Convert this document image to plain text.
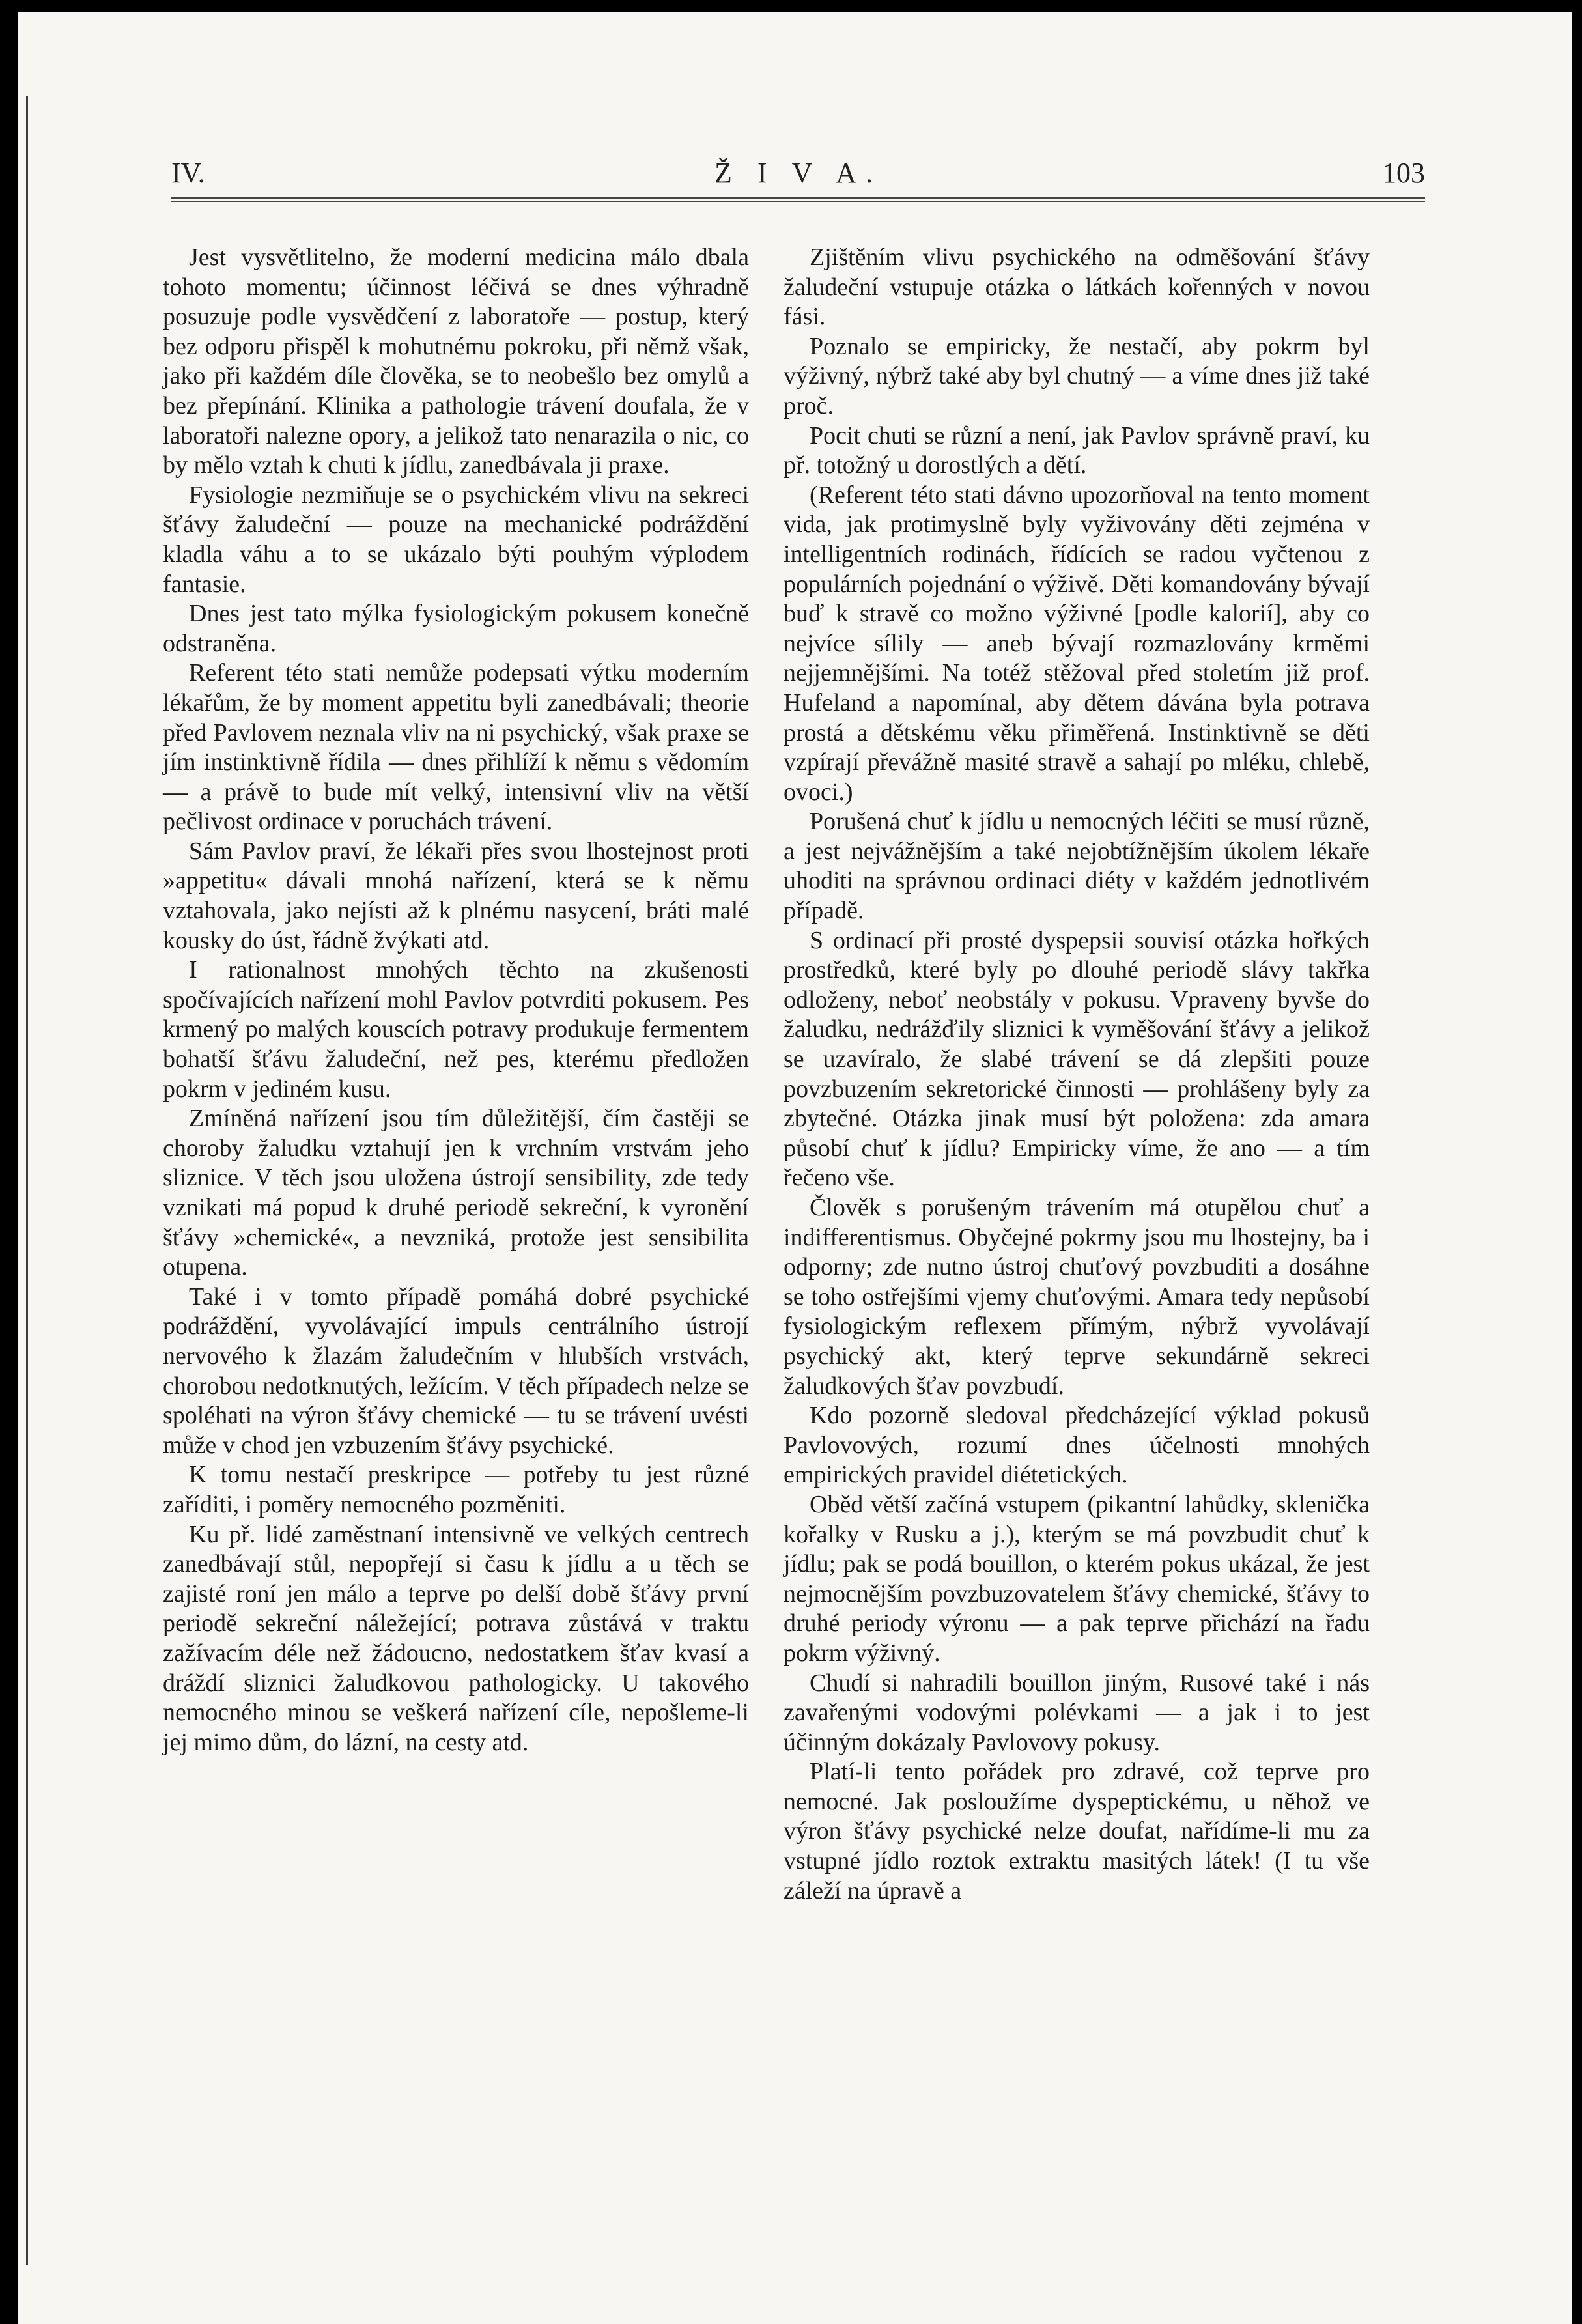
IV.	Ž I V A.	103

Jest vysvětlitelno, že moderní medicina málo dbala tohoto momentu; účinnost léčivá se dnes výhradně posuzuje podle vysvědčení z laboratoře — postup, který bez odporu přispěl k mohutnému pokroku, při němž však, jako při každém díle člověka, se to neobešlo bez omylů a bez přepínání. Klinika a pathologie trávení doufala, že v laboratoři nalezne opory, a jelikož tato nenarazila o nic, co by mělo vztah k chuti k jídlu, zanedbávala ji praxe.

Fysiologie nezmiňuje se o psychickém vlivu na sekreci šťávy žaludeční — pouze na mechanické podráždění kladla váhu a to se ukázalo býti pouhým výplodem fantasie.

Dnes jest tato mýlka fysiologickým pokusem konečně odstraněna.

Referent této stati nemůže podepsati výtku moderním lékařům, že by moment appetitu byli zanedbávali; theorie před Pavlovem neznala vliv na ni psychický, však praxe se jím instinktivně řídila — dnes přihlíží k němu s vědomím — a právě to bude mít velký, intensivní vliv na větší pečlivost ordinace v poruchách trávení.

Sám Pavlov praví, že lékaři přes svou lhostejnost proti »appetitu« dávali mnohá nařízení, která se k němu vztahovala, jako nejísti až k plnému nasycení, bráti malé kousky do úst, řádně žvýkati atd.

I rationalnost mnohých těchto na zkušenosti spočívajících nařízení mohl Pavlov potvrditi pokusem. Pes krmený po malých kouscích potravy produkuje fermentem bohatší šťávu žaludeční, než pes, kterému předložen pokrm v jediném kusu.

Zmíněná nařízení jsou tím důležitější, čím častěji se choroby žaludku vztahují jen k vrchním vrstvám jeho sliznice. V těch jsou uložena ústrojí sensibility, zde tedy vznikati má popud k druhé periodě sekreční, k vyronění šťávy »chemické«, a nevzniká, protože jest sensibilita otupena.

Také i v tomto případě pomáhá dobré psychické podráždění, vyvolávající impuls centrálního ústrojí nervového k žlazám žaludečním v hlubších vrstvách, chorobou nedotknutých, ležícím. V těch případech nelze se spoléhati na výron šťávy chemické — tu se trávení uvésti může v chod jen vzbuzením šťávy psychické.

K tomu nestačí preskripce — potřeby tu jest různé zaříditi, i poměry nemocného pozměniti.

Ku př. lidé zaměstnaní intensivně ve velkých centrech zanedbávají stůl, nepopřejí si času k jídlu a u těch se zajisté roní jen málo a teprve po delší době šťávy první periodě sekreční náležející; potrava zůstává v traktu zažívacím déle než žádoucno, nedostatkem šťav kvasí a dráždí sliznici žaludkovou pathologicky. U takového nemocného minou se veškerá nařízení cíle, nepošleme-li jej mimo dům, do lázní, na cesty atd.

Zjištěním vlivu psychického na odměšování šťávy žaludeční vstupuje otázka o látkách kořenných v novou fási.

Poznalo se empiricky, že nestačí, aby pokrm byl výživný, nýbrž také aby byl chutný — a víme dnes již také proč.

Pocit chuti se různí a není, jak Pavlov správně praví, ku př. totožný u dorostlých a dětí.

(Referent této stati dávno upozorňoval na tento moment vida, jak protimyslně byly vyživovány děti zejména v intelligentních rodinách, řídících se radou vyčtenou z populárních pojednání o výživě. Děti komandovány bývají buď k stravě co možno výživné [podle kalorií], aby co nejvíce sílily — aneb bývají rozmazlovány krměmi nejjemnějšími. Na totéž stěžoval před stoletím již prof. Hufeland a napomínal, aby dětem dávána byla potrava prostá a dětskému věku přiměřená. Instinktivně se děti vzpírají převážně masité stravě a sahají po mléku, chlebě, ovoci.)

Porušená chuť k jídlu u nemocných léčiti se musí různě, a jest nejvážnějším a také nejobtížnějším úkolem lékaře uhoditi na správnou ordinaci diéty v každém jednotlivém případě.

S ordinací při prosté dyspepsii souvisí otázka hořkých prostředků, které byly po dlouhé periodě slávy takřka odloženy, neboť neobstály v pokusu. Vpraveny byvše do žaludku, nedrážďily sliznici k vyměšování šťávy a jelikož se uzavíralo, že slabé trávení se dá zlepšiti pouze povzbuzením sekretorické činnosti — prohlášeny byly za zbytečné. Otázka jinak musí být položena: zda amara působí chuť k jídlu? Empiricky víme, že ano — a tím řečeno vše.

Člověk s porušeným trávením má otupělou chuť a indifferentismus. Obyčejné pokrmy jsou mu lhostejny, ba i odporny; zde nutno ústroj chuťový povzbuditi a dosáhne se toho ostřejšími vjemy chuťovými. Amara tedy nepůsobí fysiologickým reflexem přímým, nýbrž vyvolávají psychický akt, který teprve sekundárně sekreci žaludkových šťav povzbudí.

Kdo pozorně sledoval předcházející výklad pokusů Pavlovových, rozumí dnes účelnosti mnohých empirických pravidel diétetických.

Oběd větší začíná vstupem (pikantní lahůdky, sklenička kořalky v Rusku a j.), kterým se má povzbudit chuť k jídlu; pak se podá bouillon, o kterém pokus ukázal, že jest nejmocnějším povzbuzovatelem šťávy chemické, šťávy to druhé periody výronu — a pak teprve přichází na řadu pokrm výživný.

Chudí si nahradili bouillon jiným, Rusové také i nás zavařenými vodovými polévkami — a jak i to jest účinným dokázaly Pavlovovy pokusy.

Platí-li tento pořádek pro zdravé, což teprve pro nemocné. Jak posloužíme dyspeptickému, u něhož ve výron šťávy psychické nelze doufat, nařídíme-li mu za vstupné jídlo roztok extraktu masitých látek! (I tu vše záleží na úpravě a
